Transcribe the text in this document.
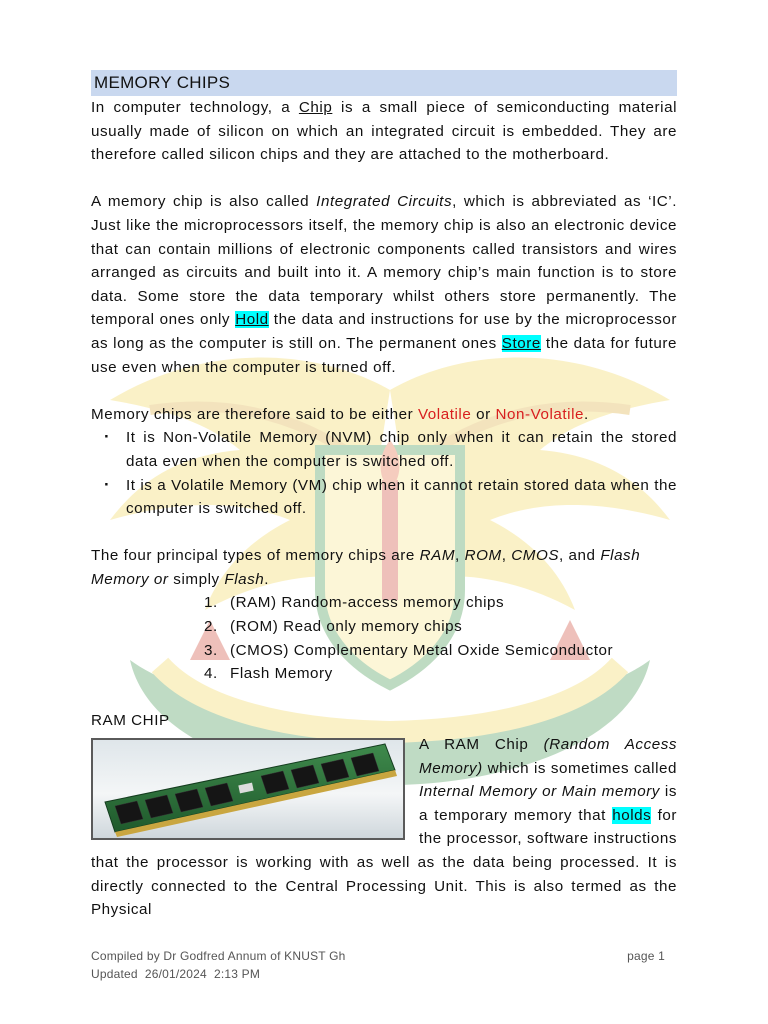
MEMORY CHIPS

In computer technology, a Chip is a small piece of semiconducting material usually made of silicon on which an integrated circuit is embedded. They are therefore called silicon chips and they are attached to the motherboard.

A memory chip is also called Integrated Circuits, which is abbreviated as ‘IC’. Just like the microprocessors itself, the memory chip is also an electronic device that can contain millions of electronic components called transistors and wires arranged as circuits and built into it. A memory chip’s main function is to store data. Some store the data temporary whilst others store permanently. The temporal ones only Hold the data and instructions for use by the microprocessor as long as the computer is still on. The permanent ones Store the data for future use even when the computer is turned off.

Memory chips are therefore said to be either Volatile or Non-Volatile.

· It is Non-Volatile Memory (NVM) chip only when it can retain the stored data even when the computer is switched off.
· It is a Volatile Memory (VM) chip when it cannot retain stored data when the computer is switched off.

The four principal types of memory chips are RAM, ROM, CMOS, and Flash Memory or simply Flash.

1. (RAM) Random-access memory chips
2. (ROM) Read only memory chips
3. (CMOS) Complementary Metal Oxide Semiconductor
4. Flash Memory

RAM CHIP

A RAM Chip (Random Access Memory) which is sometimes called Internal Memory or Main memory is a temporary memory that holds for the processor, software instructions that the processor is working with as well as the data being processed. It is directly connected to the Central Processing Unit. This is also termed as the Physical

Compiled by Dr Godfred Annum of KNUST Gh	page 1
Updated  26/01/2024  2:13 PM
